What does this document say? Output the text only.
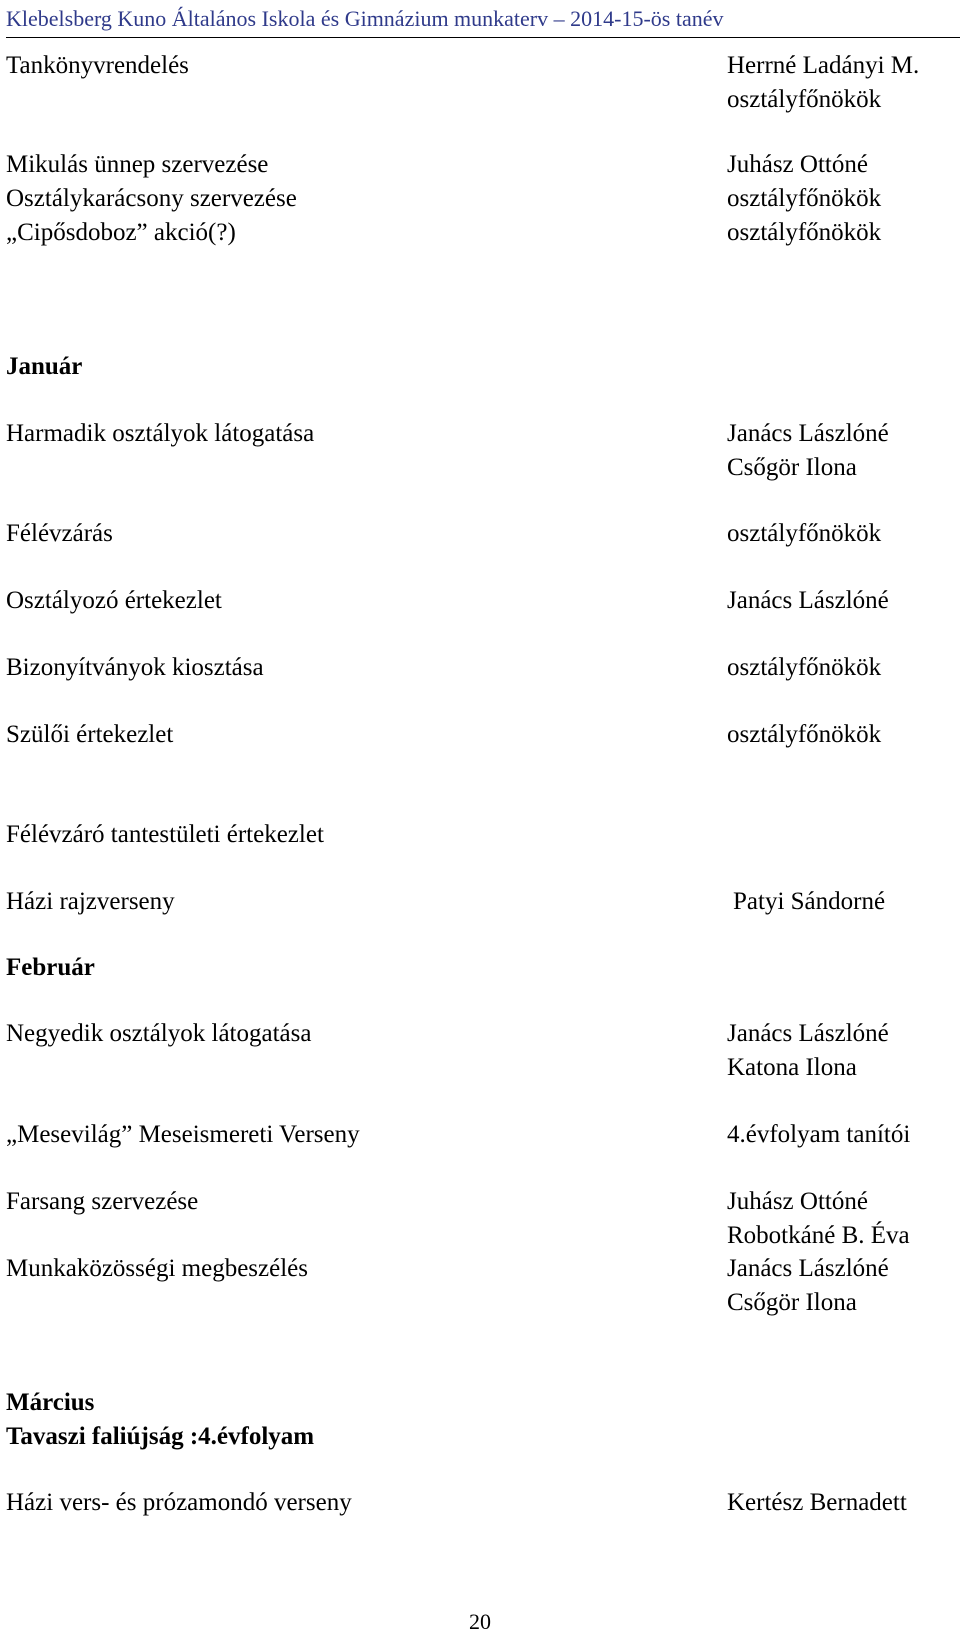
Klebelsberg Kuno Általános Iskola és Gimnázium munkaterv – 2014-15-ös tanév
Tankönyvrendelés	Herrné Ladányi M.
osztályfőnökök
Mikulás ünnep szervezése	Juhász Ottóné
Osztálykarácsony szervezése	osztályfőnökök
„Cipősdoboz” akció(?)	osztályfőnökök
Január
Harmadik osztályok látogatása	Janács Lászlóné
Csőgör Ilona
Félévzárás	osztályfőnökök
Osztályozó értekezlet	Janács Lászlóné
Bizonyítványok kiosztása	osztályfőnökök
Szülői értekezlet	osztályfőnökök
Félévzáró tantestületi értekezlet
Házi rajzverseny	Patyi Sándorné
Február
Negyedik osztályok látogatása	Janács Lászlóné
Katona Ilona
„Mesevilág” Meseismereti Verseny	4.évfolyam tanítói
Farsang szervezése	Juhász Ottóné
Robotkáné B. Éva
Munkaközösségi megbeszélés	Janács Lászlóné
Csőgör Ilona
Március
Tavaszi faliújság :4.évfolyam
Házi vers- és prózamondó verseny	Kertész Bernadett
20
